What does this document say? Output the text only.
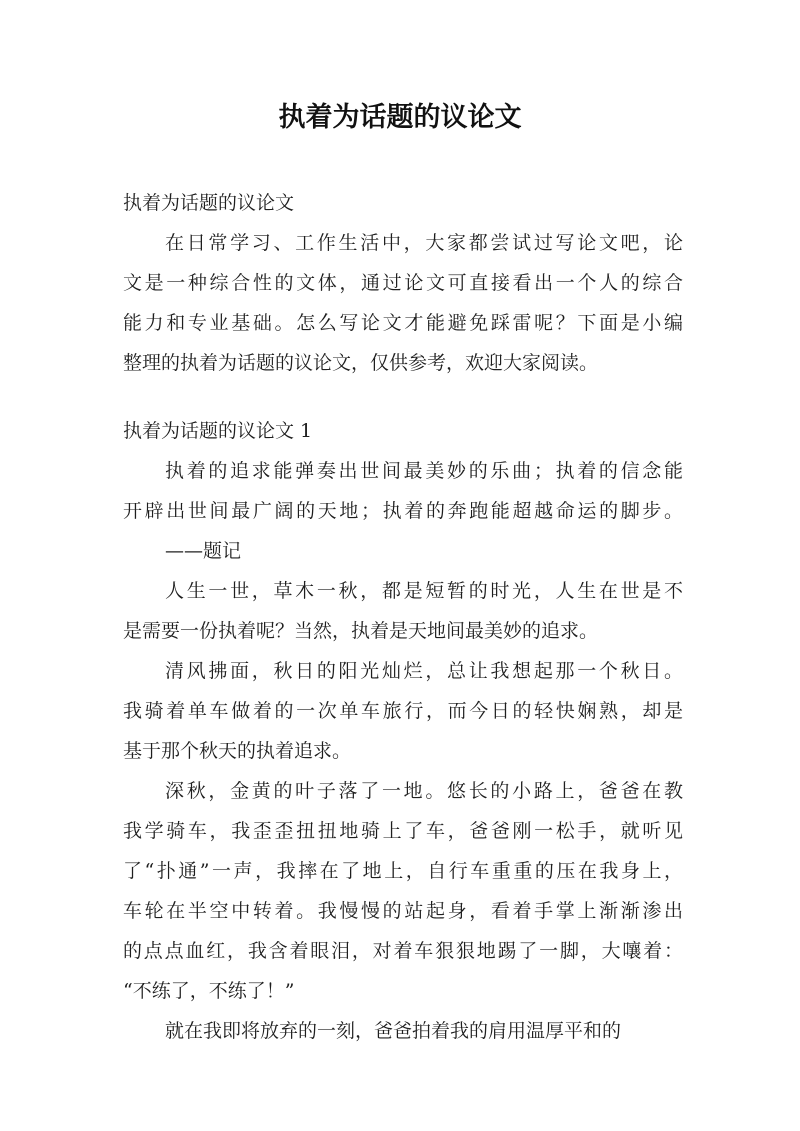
执着为话题的议论文
执着为话题的议论文
在日常学习、工作生活中，大家都尝试过写论文吧，论
文是一种综合性的文体，通过论文可直接看出一个人的综合
能力和专业基础。怎么写论文才能避免踩雷呢？下面是小编
整理的执着为话题的议论文，仅供参考，欢迎大家阅读。
执着为话题的议论文 1
执着的追求能弹奏出世间最美妙的乐曲；执着的信念能
开辟出世间最广阔的天地；执着的奔跑能超越命运的脚步。
——题记
人生一世，草木一秋，都是短暂的时光，人生在世是不
是需要一份执着呢？当然，执着是天地间最美妙的追求。
清风拂面，秋日的阳光灿烂，总让我想起那一个秋日。
我骑着单车做着的一次单车旅行，而今日的轻快娴熟，却是
基于那个秋天的执着追求。
深秋，金黄的叶子落了一地。悠长的小路上，爸爸在教
我学骑车，我歪歪扭扭地骑上了车，爸爸刚一松手，就听见
了“扑通”一声，我摔在了地上，自行车重重的压在我身上，
车轮在半空中转着。我慢慢的站起身，看着手掌上渐渐渗出
的点点血红，我含着眼泪，对着车狠狠地踢了一脚，大嚷着：
“不练了，不练了！”
就在我即将放弃的一刻，爸爸拍着我的肩用温厚平和的
